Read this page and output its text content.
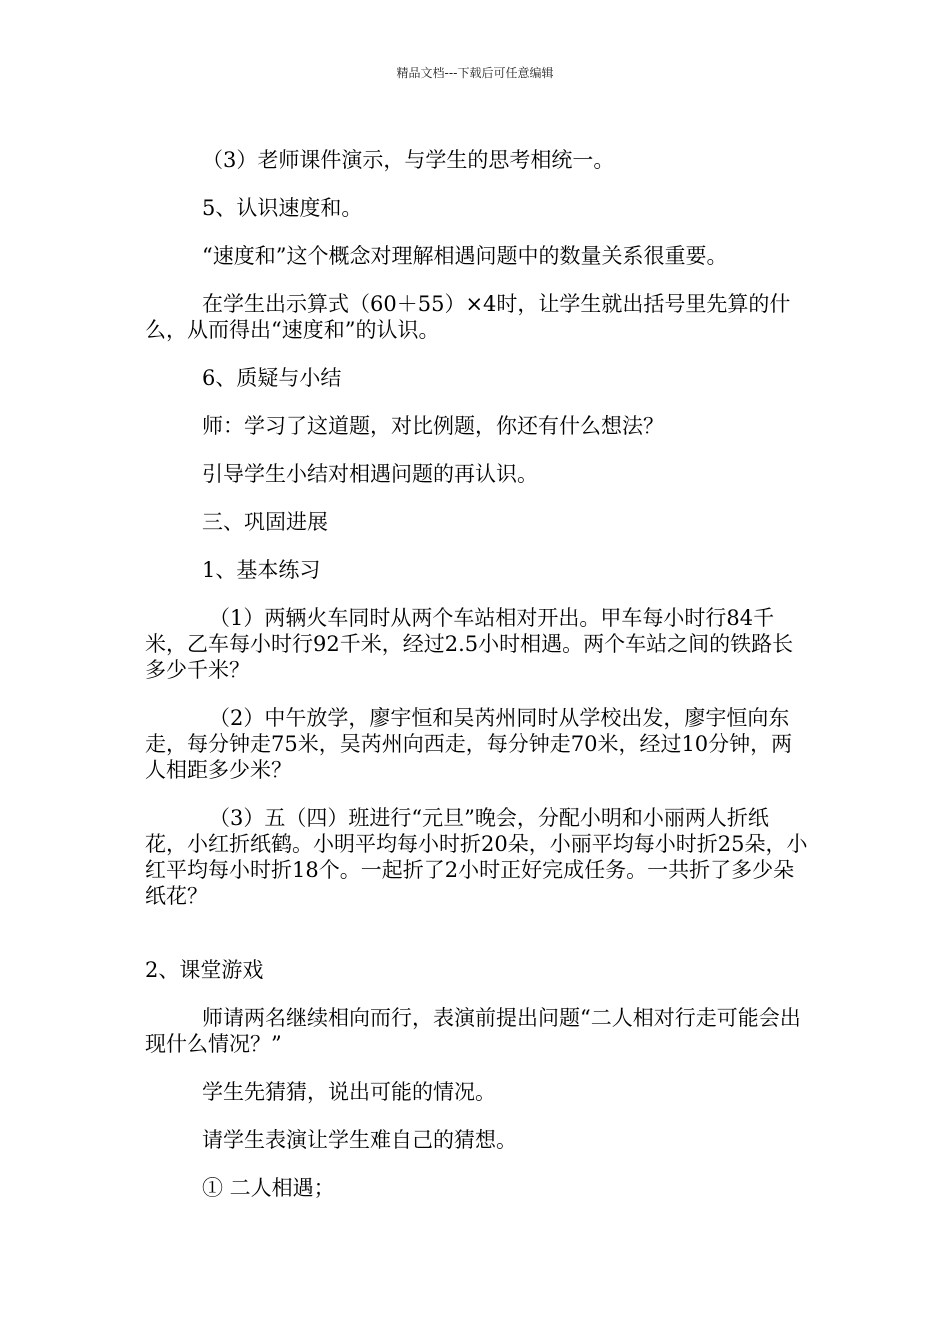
精品文档---下载后可任意编辑

（3）老师课件演示，与学生的思考相统一。

5、认识速度和。

“速度和”这个概念对理解相遇问题中的数量关系很重要。

在学生出示算式（60＋55）×4时，让学生就出括号里先算的什么，从而得出“速度和”的认识。

6、质疑与小结

师：学习了这道题，对比例题，你还有什么想法？

引导学生小结对相遇问题的再认识。

三、巩固进展

1、基本练习

（1）两辆火车同时从两个车站相对开出。甲车每小时行84千米，乙车每小时行92千米，经过2.5小时相遇。两个车站之间的铁路长多少千米？

（2）中午放学，廖宇恒和吴芮州同时从学校出发，廖宇恒向东走，每分钟走75米，吴芮州向西走，每分钟走70米，经过10分钟，两人相距多少米？

（3）五（四）班进行“元旦”晚会，分配小明和小丽两人折纸花，小红折纸鹤。小明平均每小时折20朵，小丽平均每小时折25朵，小红平均每小时折18个。一起折了2小时正好完成任务。一共折了多少朵纸花？

2、课堂游戏

师请两名继续相向而行，表演前提出问题“二人相对行走可能会出现什么情况？”

学生先猜猜，说出可能的情况。

请学生表演让学生难自己的猜想。

① 二人相遇；
